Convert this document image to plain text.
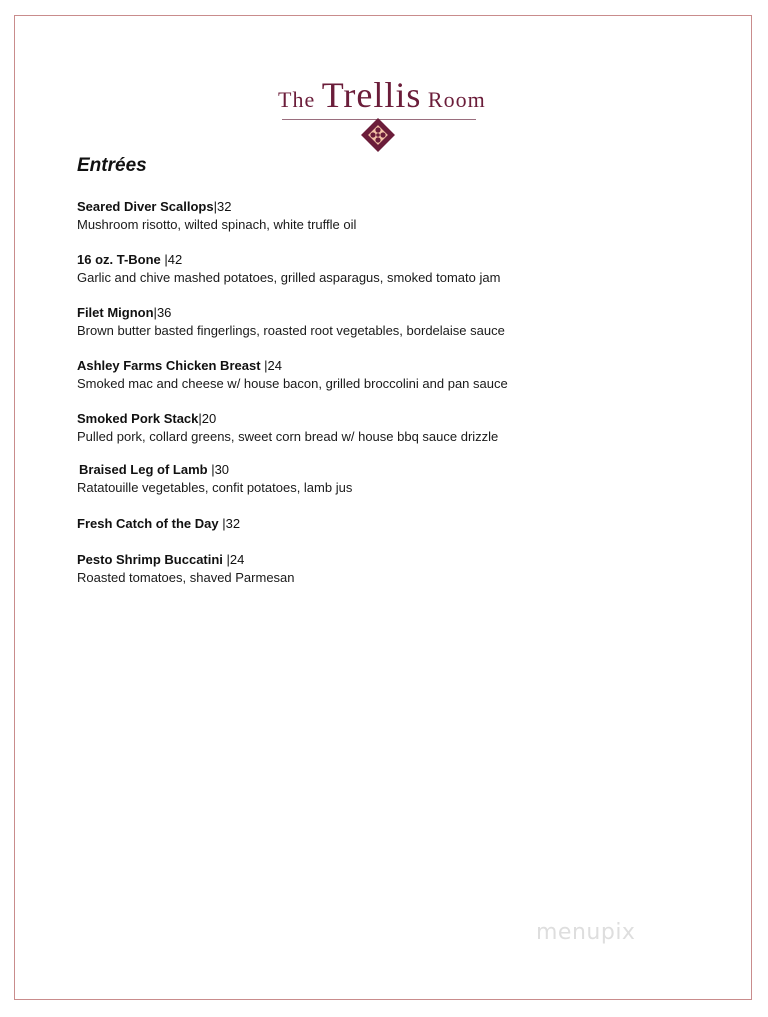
The Trellis Room
Entrées
Seared Diver Scallops|32
Mushroom risotto, wilted spinach, white truffle oil
16 oz. T-Bone |42
Garlic and chive mashed potatoes, grilled asparagus, smoked tomato jam
Filet Mignon|36
Brown butter basted fingerlings, roasted root vegetables, bordelaise sauce
Ashley Farms Chicken Breast |24
Smoked mac and cheese w/ house bacon, grilled broccolini and pan sauce
Smoked Pork Stack|20
Pulled pork, collard greens, sweet corn bread w/ house bbq sauce drizzle
Braised Leg of Lamb |30
Ratatouille vegetables, confit potatoes, lamb jus
Fresh Catch of the Day |32
Pesto Shrimp Buccatini |24
Roasted tomatoes, shaved Parmesan
menupix
